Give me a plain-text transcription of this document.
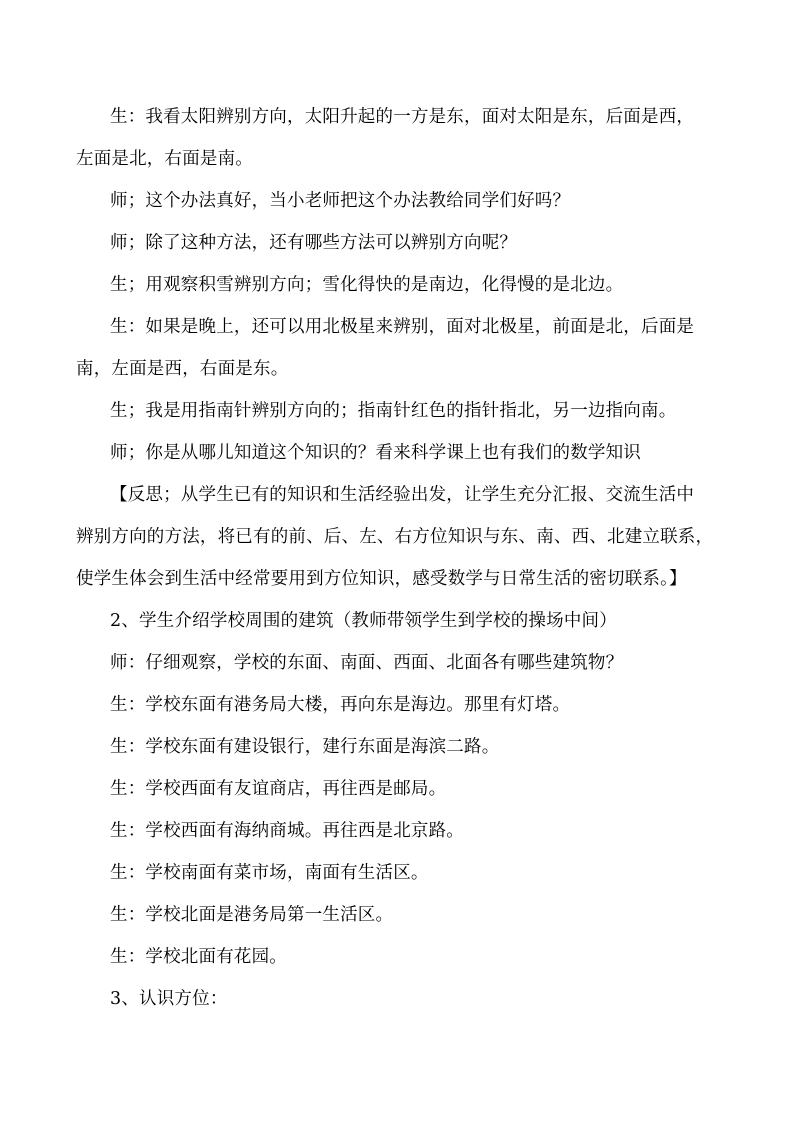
生：我看太阳辨别方向，太阳升起的一方是东，面对太阳是东，后面是西，
左面是北，右面是南。

师；这个办法真好，当小老师把这个办法教给同学们好吗？

师；除了这种方法，还有哪些方法可以辨别方向呢？

生；用观察积雪辨别方向；雪化得快的是南边，化得慢的是北边。

生：如果是晚上，还可以用北极星来辨别，面对北极星，前面是北，后面是
南，左面是西，右面是东。

生；我是用指南针辨别方向的；指南针红色的指针指北，另一边指向南。

师；你是从哪儿知道这个知识的？看来科学课上也有我们的数学知识

【反思；从学生已有的知识和生活经验出发，让学生充分汇报、交流生活中
辨别方向的方法，将已有的前、后、左、右方位知识与东、南、西、北建立联系，
使学生体会到生活中经常要用到方位知识，感受数学与日常生活的密切联系。】

2、学生介绍学校周围的建筑（教师带领学生到学校的操场中间）

师：仔细观察，学校的东面、南面、西面、北面各有哪些建筑物？

生：学校东面有港务局大楼，再向东是海边。那里有灯塔。

生：学校东面有建设银行，建行东面是海滨二路。

生：学校西面有友谊商店，再往西是邮局。

生：学校西面有海纳商城。再往西是北京路。

生：学校南面有菜市场，南面有生活区。

生：学校北面是港务局第一生活区。

生：学校北面有花园。

3、认识方位：
